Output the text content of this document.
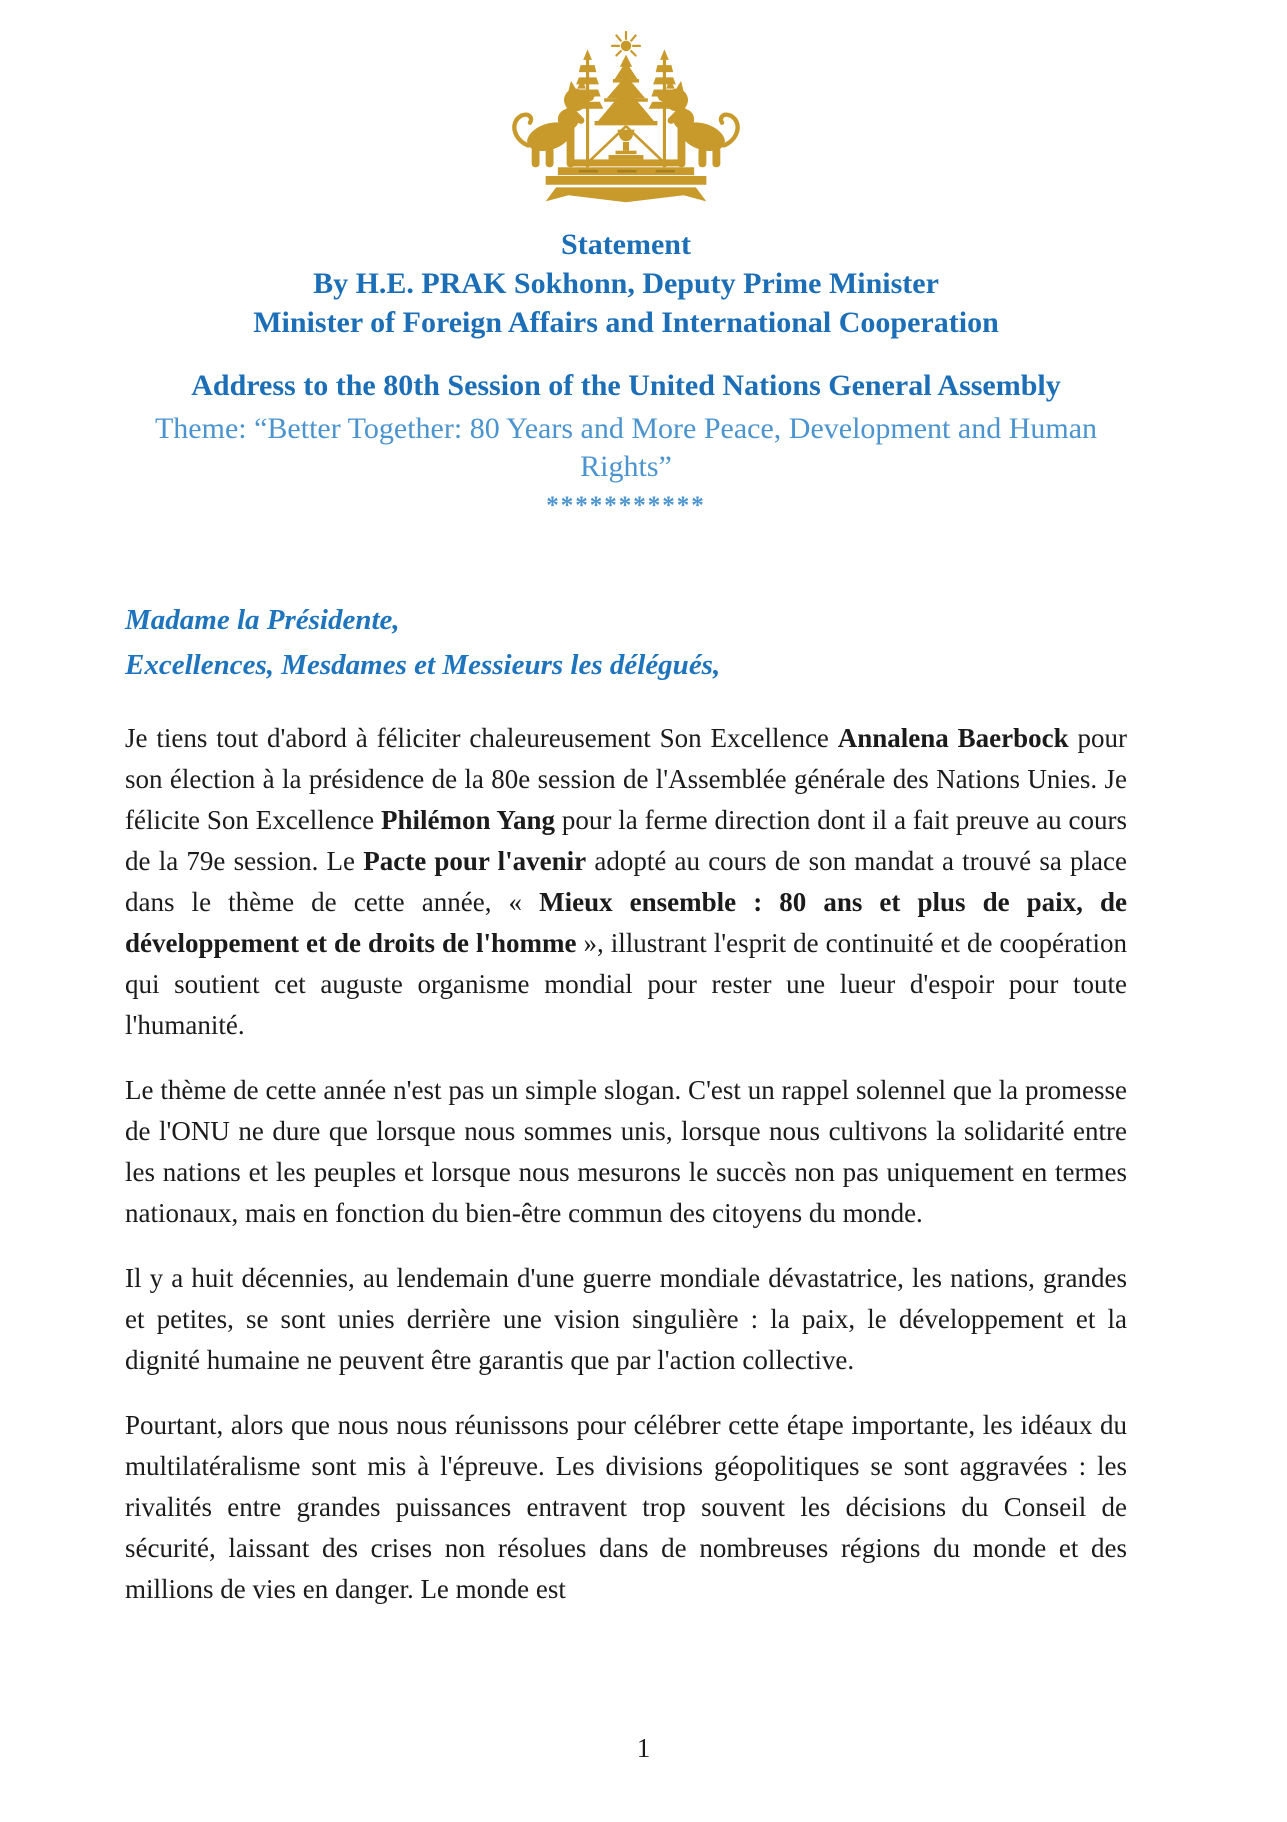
Statement
By H.E. PRAK Sokhonn, Deputy Prime Minister
Minister of Foreign Affairs and International Cooperation
Address to the 80th Session of the United Nations General Assembly
Theme: “Better Together: 80 Years and More Peace, Development and Human Rights”
***********
Madame la Présidente,
Excellences, Mesdames et Messieurs les délégués,

Je tiens tout d'abord à féliciter chaleureusement Son Excellence Annalena Baerbock pour son élection à la présidence de la 80e session de l'Assemblée générale des Nations Unies. Je félicite Son Excellence Philémon Yang pour la ferme direction dont il a fait preuve au cours de la 79e session. Le Pacte pour l'avenir adopté au cours de son mandat a trouvé sa place dans le thème de cette année, « Mieux ensemble : 80 ans et plus de paix, de développement et de droits de l'homme », illustrant l'esprit de continuité et de coopération qui soutient cet auguste organisme mondial pour rester une lueur d'espoir pour toute l'humanité.

Le thème de cette année n'est pas un simple slogan. C'est un rappel solennel que la promesse de l'ONU ne dure que lorsque nous sommes unis, lorsque nous cultivons la solidarité entre les nations et les peuples et lorsque nous mesurons le succès non pas uniquement en termes nationaux, mais en fonction du bien-être commun des citoyens du monde.

Il y a huit décennies, au lendemain d'une guerre mondiale dévastatrice, les nations, grandes et petites, se sont unies derrière une vision singulière : la paix, le développement et la dignité humaine ne peuvent être garantis que par l'action collective.

Pourtant, alors que nous nous réunissons pour célébrer cette étape importante, les idéaux du multilatéralisme sont mis à l'épreuve. Les divisions géopolitiques se sont aggravées : les rivalités entre grandes puissances entravent trop souvent les décisions du Conseil de sécurité, laissant des crises non résolues dans de nombreuses régions du monde et des millions de vies en danger. Le monde est

1
